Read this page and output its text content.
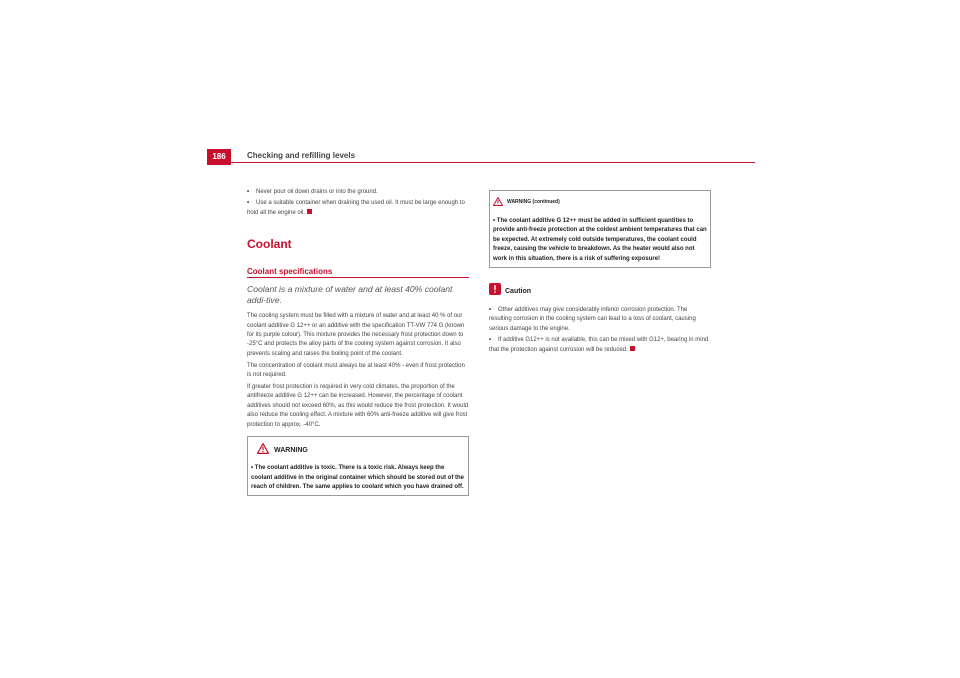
186	Checking and refilling levels

• Never pour oil down drains or into the ground.

• Use a suitable container when draining the used oil. It must be large enough to hold all the engine oil.

Coolant
Coolant specifications

Coolant is a mixture of water and at least 40% coolant addi-tive.

The cooling system must be filled with a mixture of water and at least 40 % of our coolant additive G 12++ or an additive with the specification TT-VW 774 G (known for its purple colour). This mixture provides the necessary frost protection down to -25°C and protects the alloy parts of the cooling system against corrosion. It also prevents scaling and raises the boiling point of the coolant.

The concentration of coolant must always be at least 40% - even if frost protection is not required.

If greater frost protection is required in very cold climates, the proportion of the antifreeze additive G 12++ can be increased. However, the percentage of coolant additives should not exceed 60%, as this would reduce the frost protection. It would also reduce the cooling effect. A mixture with 60% anti-freeze additive will give frost protection to approx. -40°C.

WARNING

• The coolant additive is toxic. There is a toxic risk. Always keep the coolant additive in the original container which should be stored out of the reach of children. The same applies to coolant which you have drained off.

WARNING (continued)

• The coolant additive G 12++ must be added in sufficient quantities to provide anti-freeze protection at the coldest ambient temperatures that can be expected. At extremely cold outside temperatures, the coolant could freeze, causing the vehicle to breakdown. As the heater would also not work in this situation, there is a risk of suffering exposure!

Caution

• Other additives may give considerably inferior corrosion protection. The resulting corrosion in the cooling system can lead to a loss of coolant, causing serious damage to the engine.

• If additive G12++ is not available, this can be mixed with G12+, bearing in mind that the protection against corrosion will be reduced.
